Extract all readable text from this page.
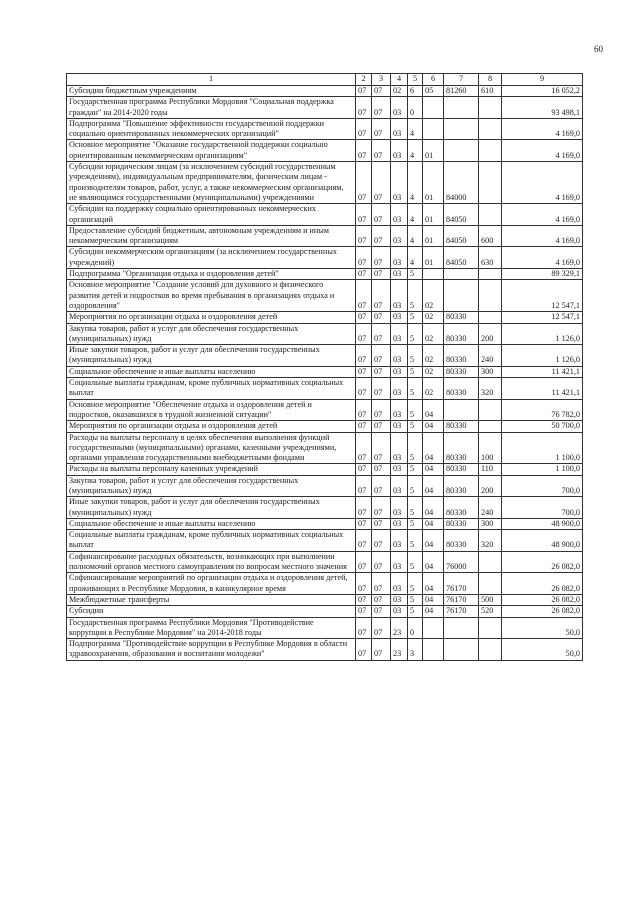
60
1	2	3	4	5	6	7	8	9
Субсидии бюджетным учреждениям	07	07	02	6	05	81260	610	16 052,2
Государственная программа Республики Мордовия "Социальная поддержка граждан" на 2014-2020 годы	07	07	03	0				93 498,1
Подпрограмма "Повышение эффективности государственной поддержки социально ориентированных некоммерческих организаций"	07	07	03	4				4 169,0
Основное мероприятие "Оказание государственной поддержки социально ориентированным некоммерческим организациям"	07	07	03	4	01			4 169,0
Субсидии юридическим лицам (за исключением субсидий государственным учреждениям), индивидуальным предпринимателям, физическим лицам - производителям товаров, работ, услуг, а также некоммерческим организациям, не являющимся государственными (муниципальными) учреждениями	07	07	03	4	01	84000		4 169,0
Субсидии на поддержку социально ориентированных некоммерческих организаций	07	07	03	4	01	84050		4 169,0
Предоставление субсидий бюджетным, автономным учреждениям и иным некоммерческим организациям	07	07	03	4	01	84050	600	4 169,0
Субсидии некоммерческим организациям (за исключением государственных учреждений)	07	07	03	4	01	84050	630	4 169,0
Подпрограмма "Организация отдыха и оздоровления детей"	07	07	03	5				89 329,1
Основное мероприятие "Создание условий для духовного и физического развития детей и подростков во время пребывания в организациях отдыха и оздоровления"	07	07	03	5	02			12 547,1
Мероприятия по организации отдыха и оздоровления детей	07	07	03	5	02	80330		12 547,1
Закупка товаров, работ и услуг для обеспечения государственных (муниципальных) нужд	07	07	03	5	02	80330	200	1 126,0
Иные закупки товаров, работ и услуг для обеспечения государственных (муниципальных) нужд	07	07	03	5	02	80330	240	1 126,0
Социальное обеспечение и иные выплаты населению	07	07	03	5	02	80330	300	11 421,1
Социальные выплаты гражданам, кроме публичных нормативных социальных выплат	07	07	03	5	02	80330	320	11 421,1
Основное мероприятие "Обеспечение отдыха и оздоровления детей и подростков, оказавшихся в трудной жизненной ситуации"	07	07	03	5	04			76 782,0
Мероприятия по организации отдыха и оздоровления детей	07	07	03	5	04	80330		50 700,0
Расходы на выплаты персоналу в целях обеспечения выполнения функций государственными (муниципальными) органами, казенными учреждениями, органами управления государственными внебюджетными фондами	07	07	03	5	04	80330	100	1 100,0
Расходы на выплаты персоналу казенных учреждений	07	07	03	5	04	80330	110	1 100,0
Закупка товаров, работ и услуг для обеспечения государственных (муниципальных) нужд	07	07	03	5	04	80330	200	700,0
Иные закупки товаров, работ и услуг для обеспечения государственных (муниципальных) нужд	07	07	03	5	04	80330	240	700,0
Социальное обеспечение и иные выплаты населению	07	07	03	5	04	80330	300	48 900,0
Социальные выплаты гражданам, кроме публичных нормативных социальных выплат	07	07	03	5	04	80330	320	48 900,0
Софинансирование расходных обязательств, возникающих при выполнении полномочий органов местного самоуправления по вопросам местного значения	07	07	03	5	04	76000		26 082,0
Софинансирование мероприятий по организации отдыха и оздоровления детей, проживающих в Республике Мордовия, в каникулярное время	07	07	03	5	04	76170		26 082,0
Межбюджетные трансферты	07	07	03	5	04	76170	500	26 082,0
Субсидии	07	07	03	5	04	76170	520	26 082,0
Государственная программа Республики Мордовия "Противодействие коррупции в Республике Мордовия" на 2014-2018 годы	07	07	23	0				50,0
Подпрограмма "Противодействие коррупции в Республике Мордовия в области здравоохранения, образования и воспитания молодежи"	07	07	23	3				50,0
